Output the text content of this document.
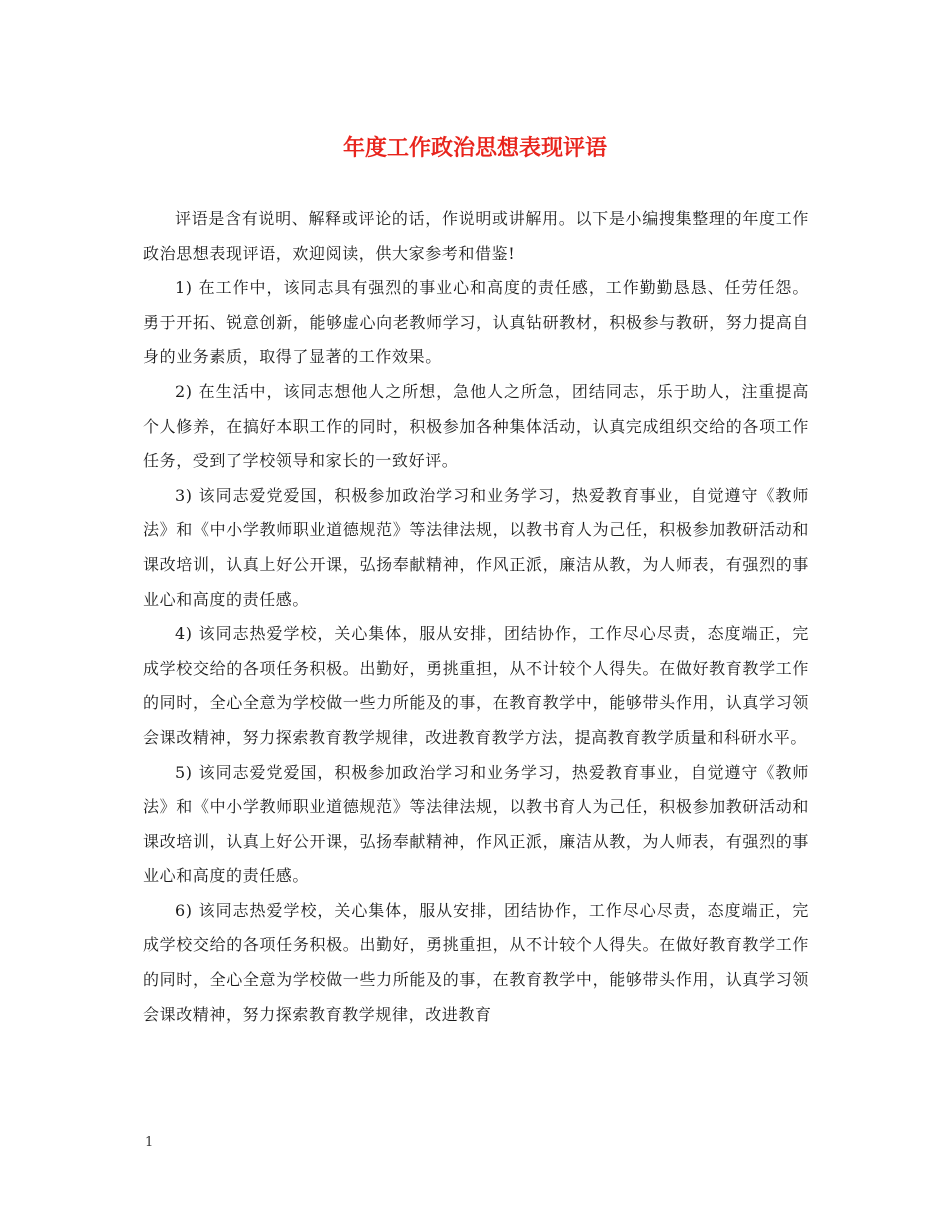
年度工作政治思想表现评语

评语是含有说明、解释或评论的话，作说明或讲解用。以下是小编搜集整理的年度工作政治思想表现评语，欢迎阅读，供大家参考和借鉴!

1) 在工作中，该同志具有强烈的事业心和高度的责任感，工作勤勤恳恳、任劳任怨。勇于开拓、锐意创新，能够虚心向老教师学习，认真钻研教材，积极参与教研，努力提高自身的业务素质，取得了显著的工作效果。

2) 在生活中，该同志想他人之所想，急他人之所急，团结同志，乐于助人，注重提高个人修养，在搞好本职工作的同时，积极参加各种集体活动，认真完成组织交给的各项工作任务，受到了学校领导和家长的一致好评。

3) 该同志爱党爱国，积极参加政治学习和业务学习，热爱教育事业，自觉遵守《教师法》和《中小学教师职业道德规范》等法律法规，以教书育人为己任，积极参加教研活动和课改培训，认真上好公开课，弘扬奉献精神，作风正派，廉洁从教，为人师表，有强烈的事业心和高度的责任感。

4) 该同志热爱学校，关心集体，服从安排，团结协作，工作尽心尽责，态度端正，完成学校交给的各项任务积极。出勤好，勇挑重担，从不计较个人得失。在做好教育教学工作的同时，全心全意为学校做一些力所能及的事，在教育教学中，能够带头作用，认真学习领会课改精神，努力探索教育教学规律，改进教育教学方法，提高教育教学质量和科研水平。

5) 该同志爱党爱国，积极参加政治学习和业务学习，热爱教育事业，自觉遵守《教师法》和《中小学教师职业道德规范》等法律法规，以教书育人为己任，积极参加教研活动和课改培训，认真上好公开课，弘扬奉献精神，作风正派，廉洁从教，为人师表，有强烈的事业心和高度的责任感。

6) 该同志热爱学校，关心集体，服从安排，团结协作，工作尽心尽责，态度端正，完成学校交给的各项任务积极。出勤好，勇挑重担，从不计较个人得失。在做好教育教学工作的同时，全心全意为学校做一些力所能及的事，在教育教学中，能够带头作用，认真学习领会课改精神，努力探索教育教学规律，改进教育

1
